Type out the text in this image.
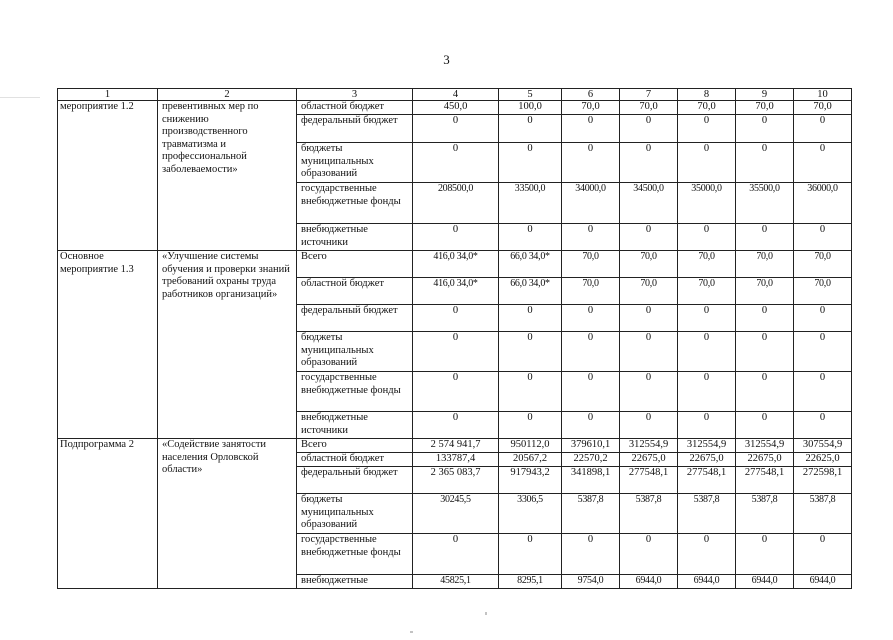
3
1	2	3	4	5	6	7	8	9	10
мероприятие 1.2	превентивных мер по снижению производственного травматизма и профессиональной заболеваемости»	областной бюджет	450,0	100,0	70,0	70,0	70,0	70,0	70,0
		федеральный бюджет	0	0	0	0	0	0	0
		бюджеты муниципальных образований	0	0	0	0	0	0	0
		государственные внебюджетные фонды	208500,0	33500,0	34000,0	34500,0	35000,0	35500,0	36000,0
		внебюджетные источники	0	0	0	0	0	0	0
Основное мероприятие 1.3	«Улучшение системы обучения и проверки знаний требований охраны труда работников организаций»	Всего	416,0 34,0*	66,0 34,0*	70,0	70,0	70,0	70,0	70,0
		областной бюджет	416,0 34,0*	66,0 34,0*	70,0	70,0	70,0	70,0	70,0
		федеральный бюджет	0	0	0	0	0	0	0
		бюджеты муниципальных образований	0	0	0	0	0	0	0
		государственные внебюджетные фонды	0	0	0	0	0	0	0
		внебюджетные источники	0	0	0	0	0	0	0
Подпрограмма 2	«Содействие занятости населения Орловской области»	Всего	2 574 941,7	950112,0	379610,1	312554,9	312554,9	312554,9	307554,9
		областной бюджет	133787,4	20567,2	22570,2	22675,0	22675,0	22675,0	22625,0
		федеральный бюджет	2 365 083,7	917943,2	341898,1	277548,1	277548,1	277548,1	272598,1
		бюджеты муниципальных образований	30245,5	3306,5	5387,8	5387,8	5387,8	5387,8	5387,8
		государственные внебюджетные фонды	0	0	0	0	0	0	0
		внебюджетные	45825,1	8295,1	9754,0	6944,0	6944,0	6944,0	6944,0
